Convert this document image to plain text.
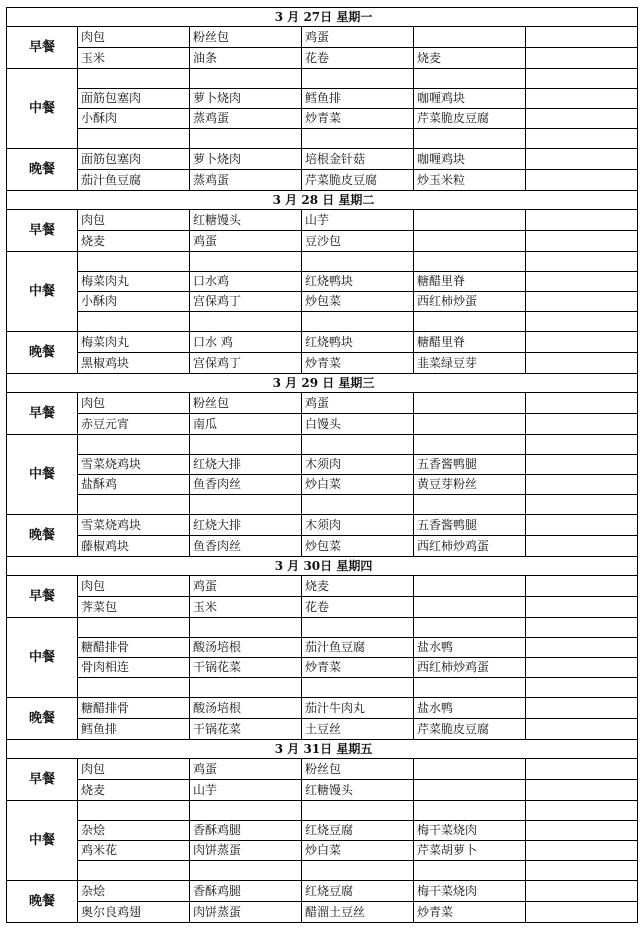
3 月 27日 星期一					
早餐	肉包	粉丝包	鸡蛋		
	玉米	油条	花卷	烧麦	
中餐					
	面筋包塞肉	萝卜烧肉	鳕鱼排	咖喱鸡块	
	小酥肉	蒸鸡蛋	炒青菜	芹菜脆皮豆腐	

晚餐	面筋包塞肉	萝卜烧肉	培根金针菇	咖喱鸡块	
	茄汁鱼豆腐	蒸鸡蛋	芹菜脆皮豆腐	炒玉米粒	
3 月 28 日 星期二					
早餐	肉包	红糖馒头	山芋		
	烧麦	鸡蛋	豆沙包		
中餐					
	梅菜肉丸	口水鸡	红烧鸭块	糖醋里脊	
	小酥肉	宫保鸡丁	炒包菜	西红柿炒蛋	

晚餐	梅菜肉丸	口水 鸡	红烧鸭块	糖醋里脊	
	黑椒鸡块	宫保鸡丁	炒青菜	韭菜绿豆芽	
3 月 29 日 星期三					
早餐	肉包	粉丝包	鸡蛋		
	赤豆元宵	南瓜	白馒头		
中餐					
	雪菜烧鸡块	红烧大排	木须肉	五香酱鸭腿	
	盐酥鸡	鱼香肉丝	炒白菜	黄豆芽粉丝	

晚餐	雪菜烧鸡块	红烧大排	木须肉	五香酱鸭腿	
	藤椒鸡块	鱼香肉丝	炒包菜	西红柿炒鸡蛋	
3 月 30日 星期四					
早餐	肉包	鸡蛋	烧麦		
	荠菜包	玉米	花卷		
中餐					
	糖醋排骨	酸汤培根	茄汁鱼豆腐	盐水鸭	
	骨肉相连	干锅花菜	炒青菜	西红柿炒鸡蛋	

晚餐	糖醋排骨	酸汤培根	茄汁牛肉丸	盐水鸭	
	鳕鱼排	干锅花菜	土豆丝	芹菜脆皮豆腐	
3 月 31日 星期五					
早餐	肉包	鸡蛋	粉丝包		
	烧麦	山芋	红糖馒头		
中餐					
	杂烩	香酥鸡腿	红烧豆腐	梅干菜烧肉	
	鸡米花	肉饼蒸蛋	炒白菜	芹菜胡萝卜	

晚餐	杂烩	香酥鸡腿	红烧豆腐	梅干菜烧肉	
	奥尔良鸡翅	肉饼蒸蛋	醋溜土豆丝	炒青菜	
